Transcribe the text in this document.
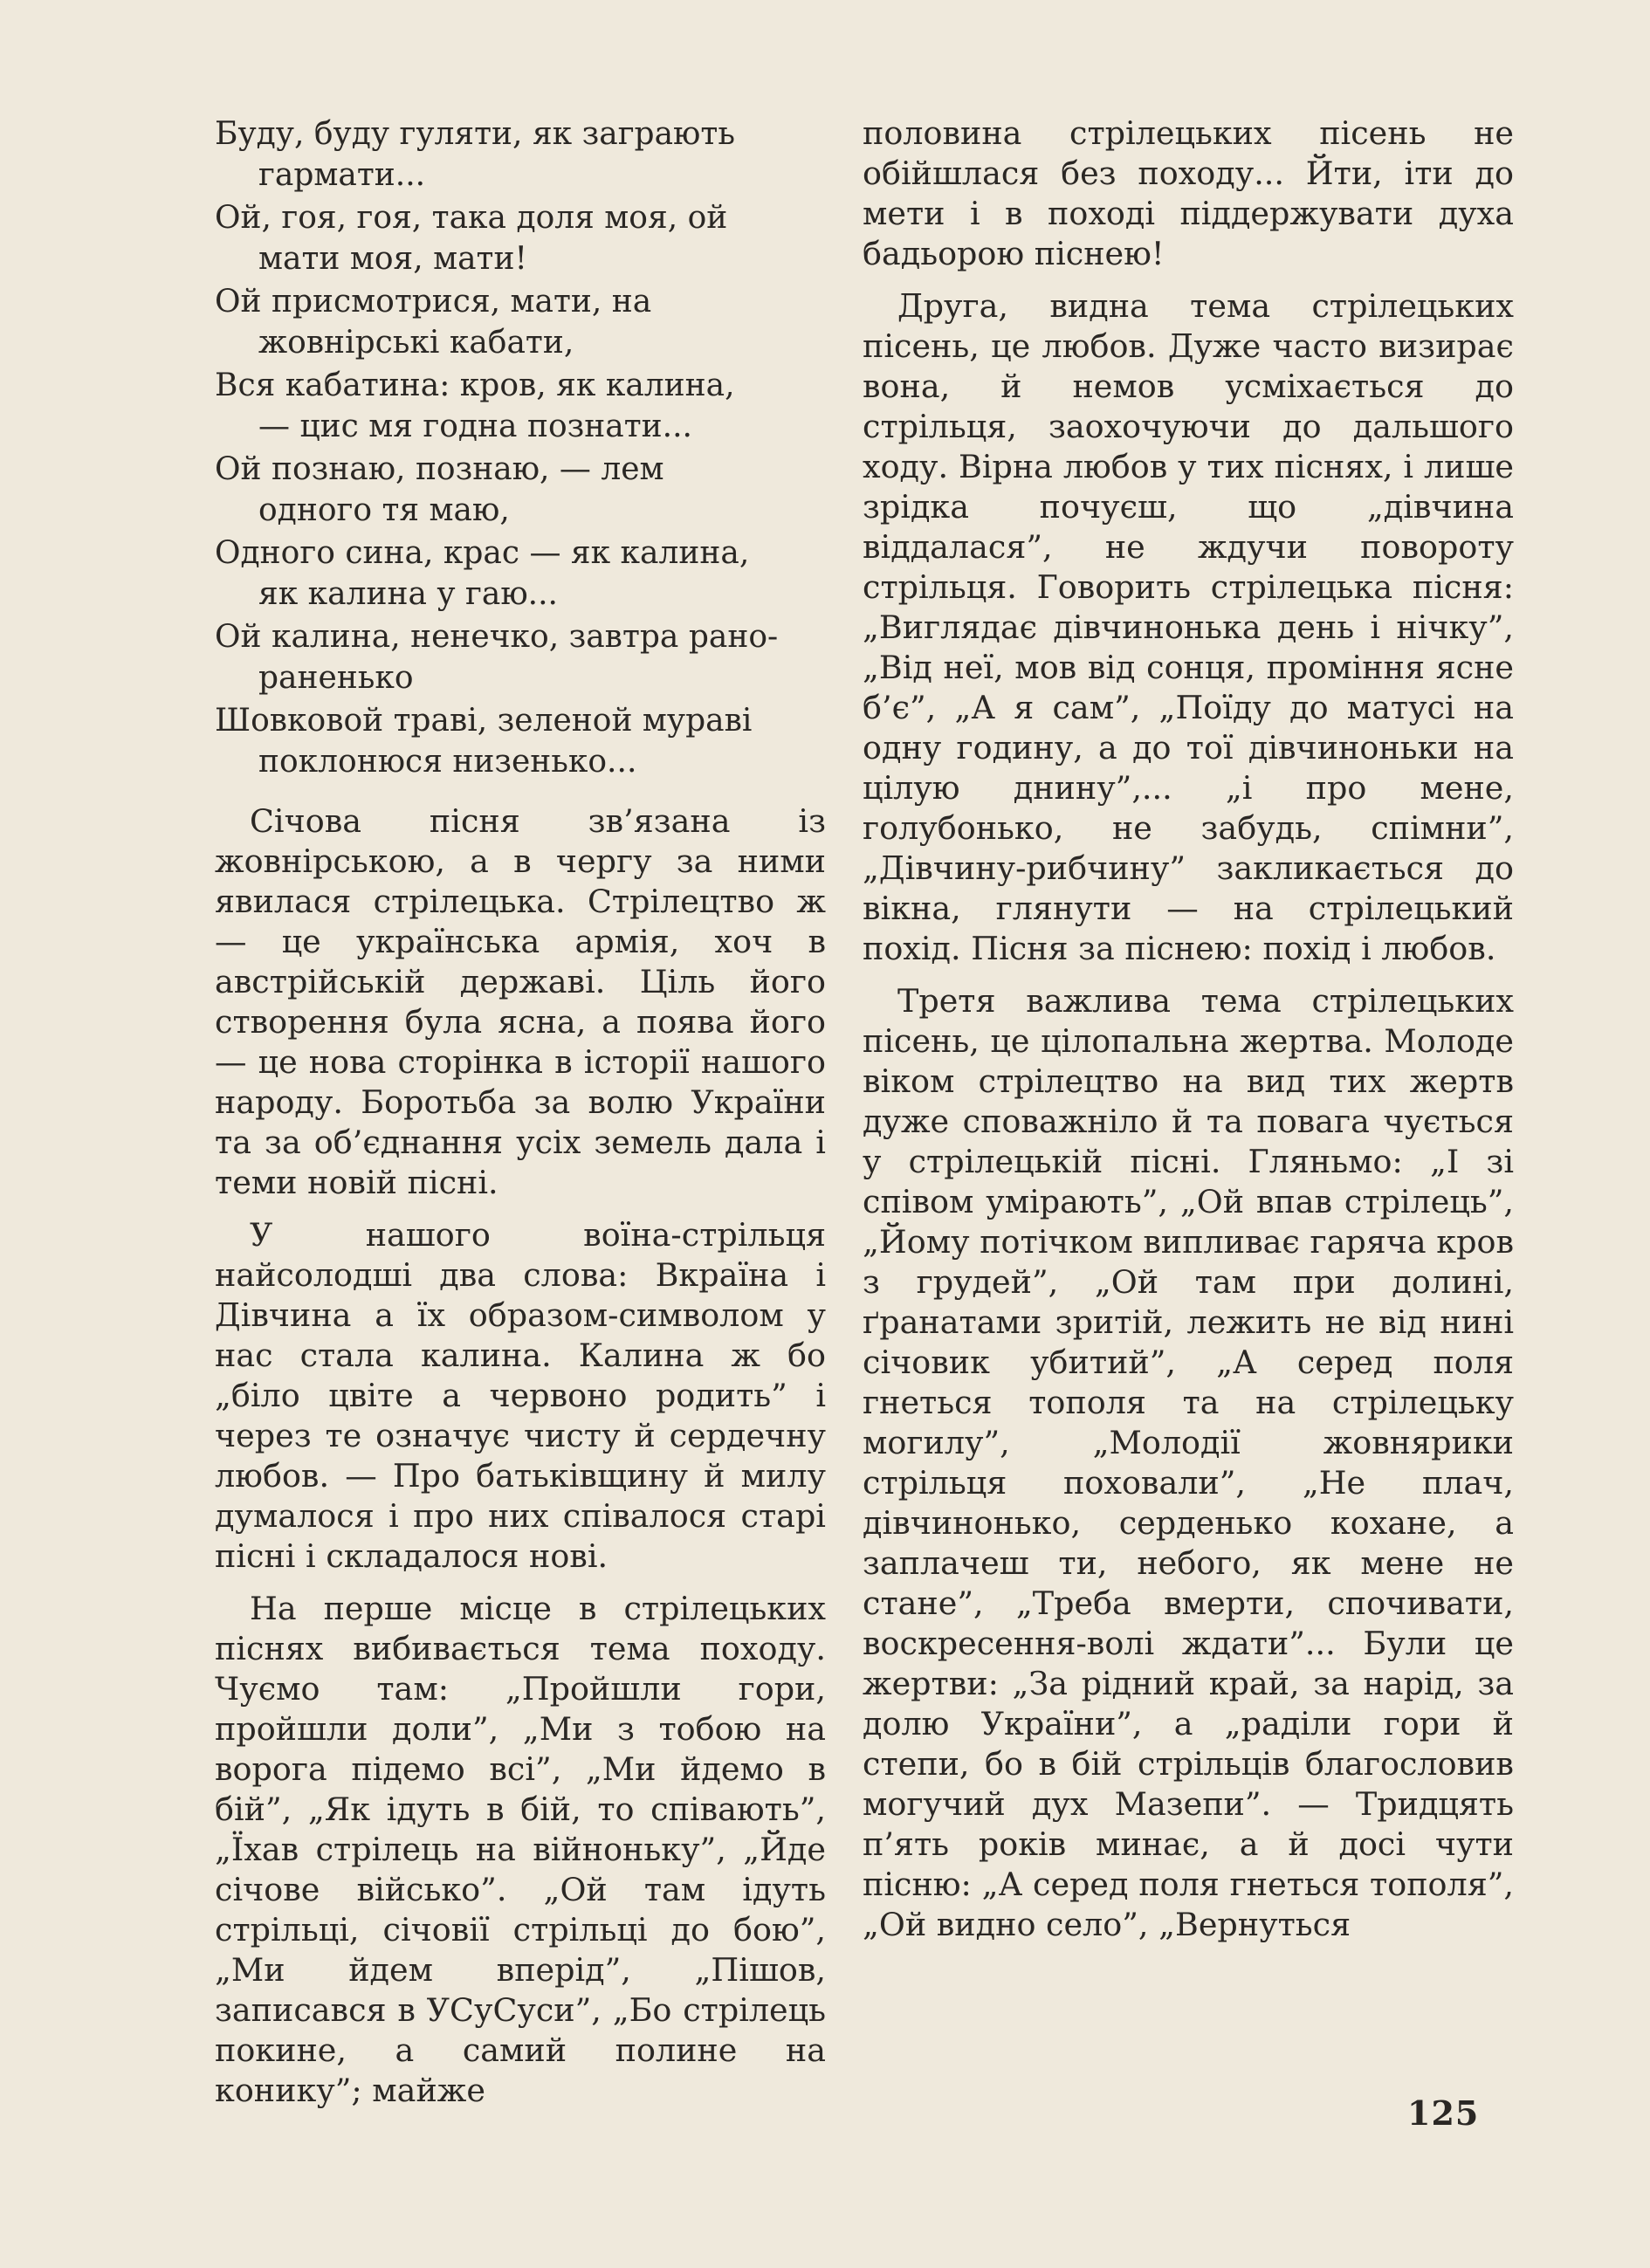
Буду, буду гуляти, як заграють
гармати...
Ой, гоя, гоя, така доля моя, ой
мати моя, мати!
Ой присмотрися, мати, на
жовнірські кабати,
Вся кабатина: кров, як калина,
— цис мя годна познати...
Ой познаю, познаю, — лем
одного тя маю,
Одного сина, крас — як калина,
як калина у гаю...
Ой калина, ненечко, завтра рано-
раненько
Шовковой траві, зеленой мураві
поклонюся низенько...

Січова пісня зв’язана із жовнірською, а в чергу за ними явилася стрілецька. Стрілецтво ж — це українська армія, хоч в австрійській державі. Ціль його створення була ясна, а поява його — це нова сторінка в історії нашого народу. Боротьба за волю України та за об’єднання усіх земель дала і теми новій пісні.

У нашого воїна-стрільця найсолодші два слова: Вкраїна і Дівчина а їх образом-символом у нас стала калина. Калина ж бо „біло цвіте а червоно родить” і через те означує чисту й сердечну любов. — Про батьківщину й милу думалося і про них співалося старі пісні і складалося нові.

На перше місце в стрілецьких піснях вибивається тема походу. Чуємо там: „Пройшли гори, пройшли доли”, „Ми з тобою на ворога підемо всі”, „Ми йдемо в бій”, „Як ідуть в бій, то співають”, „Їхав стрілець на війноньку”, „Йде січове військо”. „Ой там ідуть стрільці, січовії стрільці до бою”, „Ми йдем вперід”, „Пішов, записався в УСуСуси”, „Бо стрілець покине, а самий полине на конику”; майже

половина стрілецьких пісень не обійшлася без походу... Йти, іти до мети і в поході піддержувати духа бадьорою піснею!

Друга, видна тема стрілецьких пісень, це любов. Дуже часто визирає вона, й немов усміхається до стрільця, заохочуючи до дальшого ходу. Вірна любов у тих піснях, і лише зрідка почуєш, що „дівчина віддалася”, не ждучи повороту стрільця. Говорить стрілецька пісня: „Виглядає дівчинонька день і нічку”, „Від неї, мов від сонця, проміння ясне б’є”, „А я сам”, „Поїду до матусі на одну годину, а до тої дівчиноньки на цілую днину”,... „і про мене, голубонько, не забудь, спімни”, „Дівчину-рибчину” закликається до вікна, глянути — на стрілецький похід. Пісня за піснею: похід і любов.

Третя важлива тема стрілецьких пісень, це цілопальна жертва. Молоде віком стрілецтво на вид тих жертв дуже споважніло й та повага чується у стрілецькій пісні. Гляньмо: „І зі співом умірають”, „Ой впав стрілець”, „Йому потічком випливає гаряча кров з грудей”, „Ой там при долині, ґранатами зритій, лежить не від нині січовик убитий”, „А серед поля гнеться тополя та на стрілецьку могилу”, „Молодії жовнярики стрільця поховали”, „Не плач, дівчинонько, серденько кохане, а заплачеш ти, небого, як мене не стане”, „Треба вмерти, спочивати, воскресення-волі ждати”... Були це жертви: „За рідний край, за нарід, за долю України”, а „раділи гори й степи, бо в бій стрільців благословив могучий дух Мазепи”. — Тридцять п’ять років минає, а й досі чути пісню: „А серед поля гнеться тополя”, „Ой видно село”, „Вернуться

125
